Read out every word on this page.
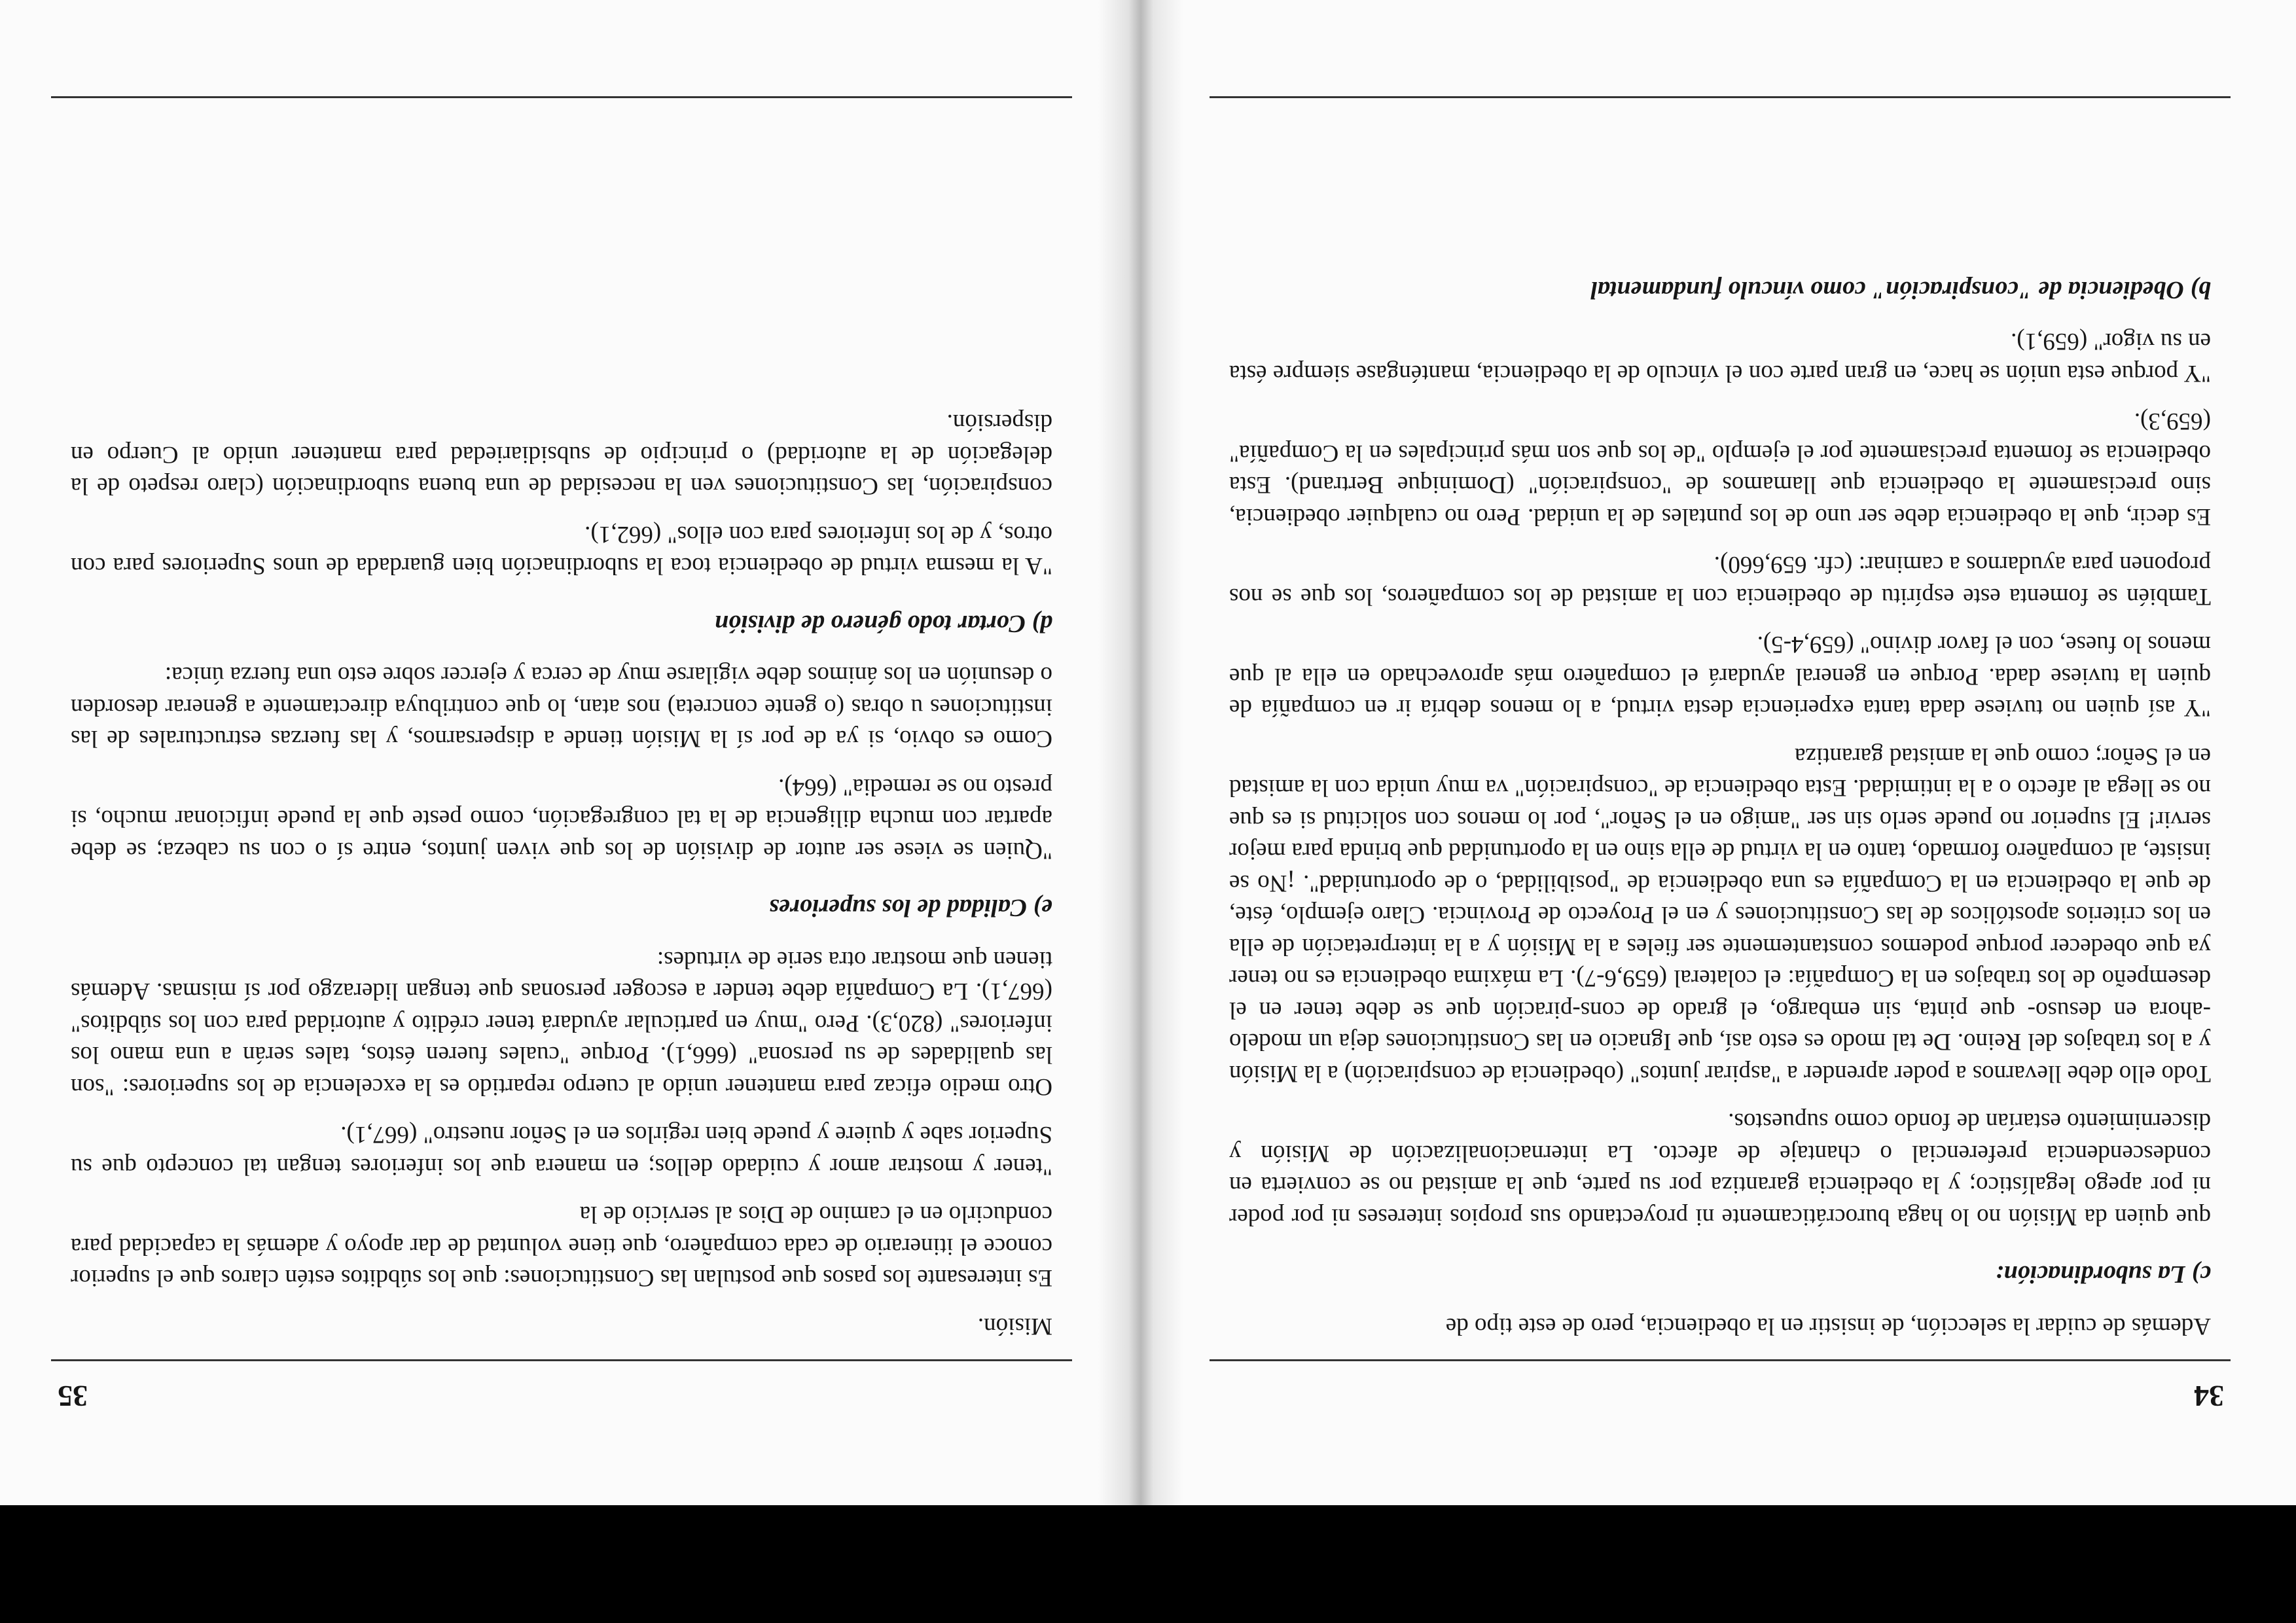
34

Además de cuidar la selección, de insistir en la obediencia, pero de este tipo de

c) La subordinación:

que quien da Misión no lo haga burocráticamente ni proyectando sus propios intereses ni por poder ni por apego legalístico; y la obediencia garantiza por su parte, que la amistad no se convierta en condescendencia preferencial o chantaje de afecto. La internacionalización de Misión y discernimiento estarían de fondo como supuestos.

Todo ello debe llevarnos a poder aprender a "aspirar juntos" (obediencia de conspiración) a la Misión y a los trabajos del Reino. De tal modo es esto así, que Ignacio en las Constituciones deja un modelo -ahora en desuso- que pinta, sin embargo, el grado de cons-piración que se debe tener en el desempeño de los trabajos en la Compañía: el colateral (659,6-7). La máxima obediencia es no tener ya que obedecer porque podemos constantemente ser fieles a la Misión y a la interpretación de ella en los criterios apostólicos de las Constituciones y en el Proyecto de Provincia. Claro ejemplo, éste, de que la obediencia en la Compañía es una obediencia de "posibilidad, o de oportunidad". ¡No se insiste, al compañero formado, tanto en la virtud de ella sino en la oportunidad que brinda para mejor servir! El superior no puede serlo sin ser "amigo en el Señor", por lo menos con solicitud si es que no se llega al afecto o a la intimidad. Esta obediencia de "conspiración" va muy unida con la amistad en el Señor; como que la amistad garantiza

"Y así quien no tuviese dada tanta experiencia desta virtud, a lo menos debría ir en compañía de quien la tuviese dada. Porque en general ayudará el compañero más aprovechado en ella al que menos lo fuese, con el favor divino" (659,4-5).

También se fomenta este espíritu de obediencia con la amistad de los compañeros, los que se nos proponen para ayudarnos a caminar: (cfr. 659,660).

Es decir, que la obediencia debe ser uno de los puntales de la unidad. Pero no cualquier obediencia, sino precisamente la obediencia que llamamos de "conspiración" (Dominique Bertrand). Esta obediencia se fomenta precisamente por el ejemplo "de los que son más principales en la Compañía" (659,3).

"Y porque esta unión se hace, en gran parte con el vínculo de la obediencia, manténgase siempre ésta en su vigor" (659,1).

b) Obediencia de "conspiración" como vínculo fundamental
35

Misión.

Es interesante los pasos que postulan las Constituciones: que los súbditos estén claros que el superior conoce el itinerario de cada compañero, que tiene voluntad de dar apoyo y además la capacidad para conducirlo en el camino de Dios al servicio de la

"tener y mostrar amor y cuidado dellos; en manera que los inferiores tengan tal concepto que su Superior sabe y quiere y puede bien regirlos en el Señor nuestro" (667,1).

Otro medio eficaz para mantener unido al cuerpo repartido es la excelencia de los superiores: "son las qualidades de su persona" (666,1). Porque "cuales fueren éstos, tales serán a una mano los inferiores" (820,3). Pero "muy en particular ayudará tener crédito y autoridad para con los súbditos" (667,1). La Compañía debe tender a escoger personas que tengan liderazgo por sí mismas. Además tienen que mostrar otra serie de virtudes:

e) Calidad de los superiores

"Quien se viese ser autor de división de los que viven juntos, entre sí o con su cabeza; se debe apartar con mucha diligencia de la tal congregación, como peste que la puede inficionar mucho, si presto no se remedia" (664).

Como es obvio, si ya de por sí la Misión tiende a dispersarnos, y las fuerzas estructurales de las instituciones u obras (o gente concreta) nos atan, lo que contribuya directamente a generar desorden o desunión en los ánimos debe vigilarse muy de cerca y ejercer sobre esto una fuerza única:

d) Cortar todo género de división

"A la mesma virtud de obediencia toca la subordinación bien guardada de unos Superiores para con otros, y de los inferiores para con ellos" (662,1).

conspiración, las Constituciones ven la necesidad de una buena subordinación (claro respeto de la delegación de la autoridad) o principio de subsidiariedad para mantener unido al Cuerpo en dispersión.
